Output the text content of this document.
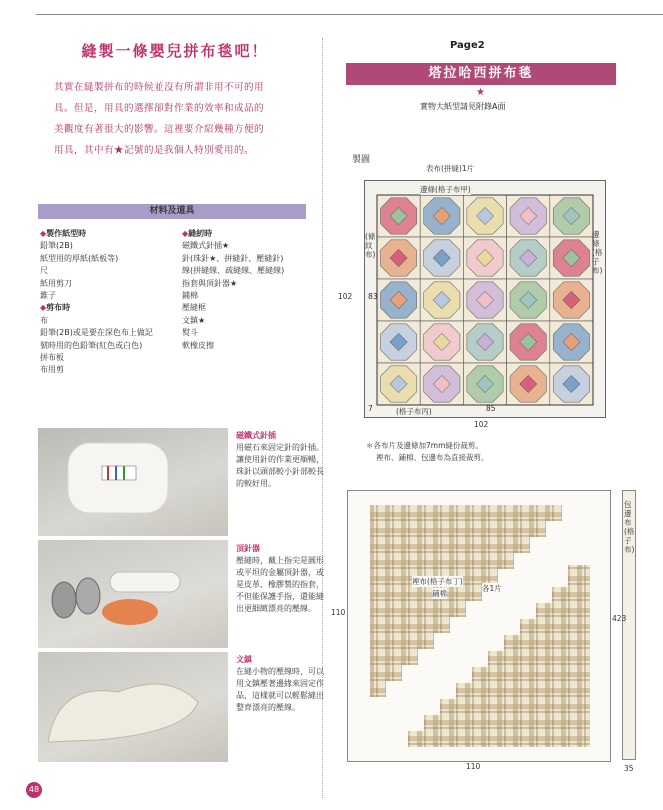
縫製一條嬰兒拼布毯吧！
其實在縫製拼布的時候並沒有所謂非用不可的用
具。但是，用具的選擇卻對作業的效率和成品的
美觀度有著很大的影響。這裡要介紹幾種方便的
用具，其中有★記號的是我個人特別愛用的。
材料及道具
◆製作紙型時
鉛筆(2B)
紙型用的厚紙(紙板等)
尺
紙用剪刀
錐子
◆剪布時
布
鉛筆(2B)或是要在深色布上做記
號時用的色鉛筆(紅色或白色)
拼布板
布用剪
◆縫紉時
磁鐵式針插★
針(珠針★、拼縫針、壓縫針)
線(拼縫線、疏縫線、壓縫線)
指套與頂針器★
鋪棉
壓縫框
文鎮★
熨斗
軟橡皮擦
磁鐵式針插
用磁石來固定針的針插。
讓使用針的作業更順暢，
珠針以頭部較小針部較長
的較好用。
頂針器
壓縫時，戴上指尖是圓形
或平坦的金屬頂針器，或
是皮革、橡膠製的指套，
不但能保護手指，還能縫
出更細緻漂亮的壓線。
文鎮
在縫小物的壓線時，可以
用文鎮壓著邊緣來固定作
品，這樣就可以輕鬆縫出
整齊漂亮的壓線。
Page2
塔拉哈西拼布毯
★
實物大紙型請見附錄A面
製圖
表布(拼縫)1片
邊條(格子布甲)
(條紋布)
邊條(格子布)
(格子布丙)
102 83
102
85
7
＊各布片及邊條加7mm縫份裁剪。
裡布、鋪棉、包邊布為直接裁剪。
裡布(格子布丁)
鋪棉
各1片
110
110
包邊布(格子布)
423
35
48
